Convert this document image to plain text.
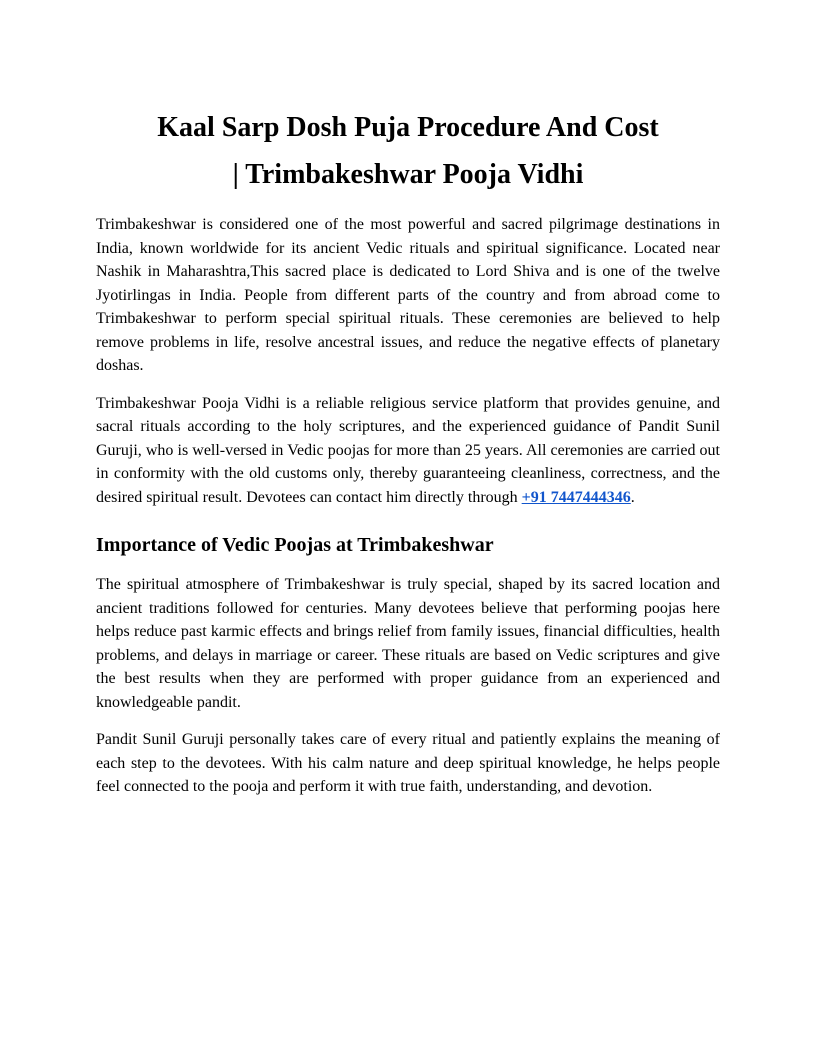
Kaal Sarp Dosh Puja Procedure And Cost
| Trimbakeshwar Pooja Vidhi

Trimbakeshwar is considered one of the most powerful and sacred pilgrimage destinations in India, known worldwide for its ancient Vedic rituals and spiritual significance. Located near Nashik in Maharashtra,This sacred place is dedicated to Lord Shiva and is one of the twelve Jyotirlingas in India. People from different parts of the country and from abroad come to Trimbakeshwar to perform special spiritual rituals. These ceremonies are believed to help remove problems in life, resolve ancestral issues, and reduce the negative effects of planetary doshas.

Trimbakeshwar Pooja Vidhi is a reliable religious service platform that provides genuine, and sacral rituals according to the holy scriptures, and the experienced guidance of Pandit Sunil Guruji, who is well-versed in Vedic poojas for more than 25 years. All ceremonies are carried out in conformity with the old customs only, thereby guaranteeing cleanliness, correctness, and the desired spiritual result. Devotees can contact him directly through +91 7447444346.

Importance of Vedic Poojas at Trimbakeshwar

The spiritual atmosphere of Trimbakeshwar is truly special, shaped by its sacred location and ancient traditions followed for centuries. Many devotees believe that performing poojas here helps reduce past karmic effects and brings relief from family issues, financial difficulties, health problems, and delays in marriage or career. These rituals are based on Vedic scriptures and give the best results when they are performed with proper guidance from an experienced and knowledgeable pandit.

Pandit Sunil Guruji personally takes care of every ritual and patiently explains the meaning of each step to the devotees. With his calm nature and deep spiritual knowledge, he helps people feel connected to the pooja and perform it with true faith, understanding, and devotion.
